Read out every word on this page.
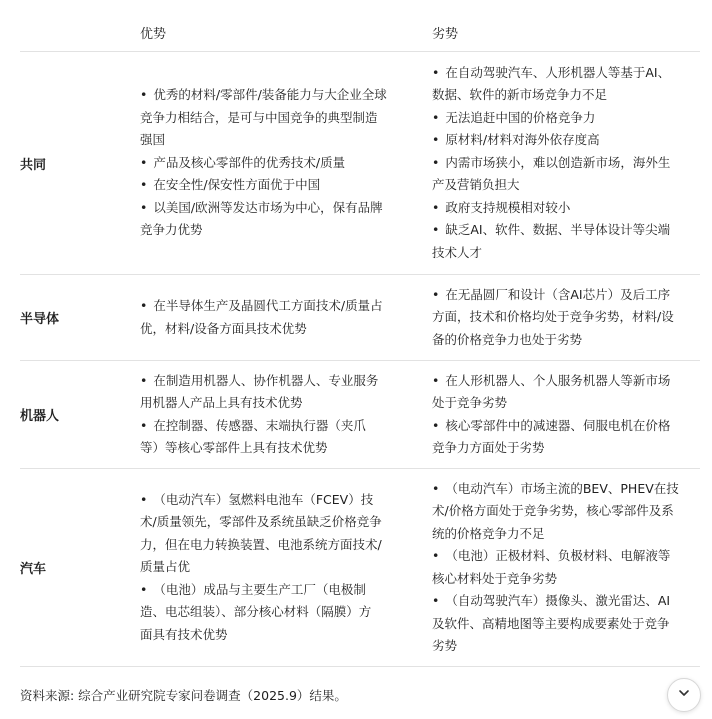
优势	劣势
共同
• 优秀的材料/零部件/装备能力与大企业全球
竞争力相结合，是可与中国竞争的典型制造
强国
• 产品及核心零部件的优秀技术/质量
• 在安全性/保安性方面优于中国
• 以美国/欧洲等发达市场为中心，保有品牌
竞争力优势
• 在自动驾驶汽车、人形机器人等基于AI、
数据、软件的新市场竞争力不足
• 无法追赶中国的价格竞争力
• 原材料/材料对海外依存度高
• 内需市场狭小，难以创造新市场，海外生
产及营销负担大
• 政府支持规模相对较小
• 缺乏AI、软件、数据、半导体设计等尖端
技术人才
半导体
• 在半导体生产及晶圆代工方面技术/质量占
优，材料/设备方面具技术优势
• 在无晶圆厂和设计（含AI芯片）及后工序
方面，技术和价格均处于竞争劣势，材料/设
备的价格竞争力也处于劣势
机器人
• 在制造用机器人、协作机器人、专业服务
用机器人产品上具有技术优势
• 在控制器、传感器、末端执行器（夹爪
等）等核心零部件上具有技术优势
• 在人形机器人、个人服务机器人等新市场
处于竞争劣势
• 核心零部件中的减速器、伺服电机在价格
竞争力方面处于劣势
汽车
• （电动汽车）氢燃料电池车（FCEV）技
术/质量领先，零部件及系统虽缺乏价格竞争
力，但在电力转换装置、电池系统方面技术/
质量占优
• （电池）成品与主要生产工厂（电极制
造、电芯组装）、部分核心材料（隔膜）方
面具有技术优势
• （电动汽车）市场主流的BEV、PHEV在技
术/价格方面处于竞争劣势，核心零部件及系
统的价格竞争力不足
• （电池）正极材料、负极材料、电解液等
核心材料处于竞争劣势
• （自动驾驶汽车）摄像头、激光雷达、AI
及软件、高精地图等主要构成要素处于竞争
劣势
资料来源: 综合产业研究院专家问卷调查（2025.9）结果。
